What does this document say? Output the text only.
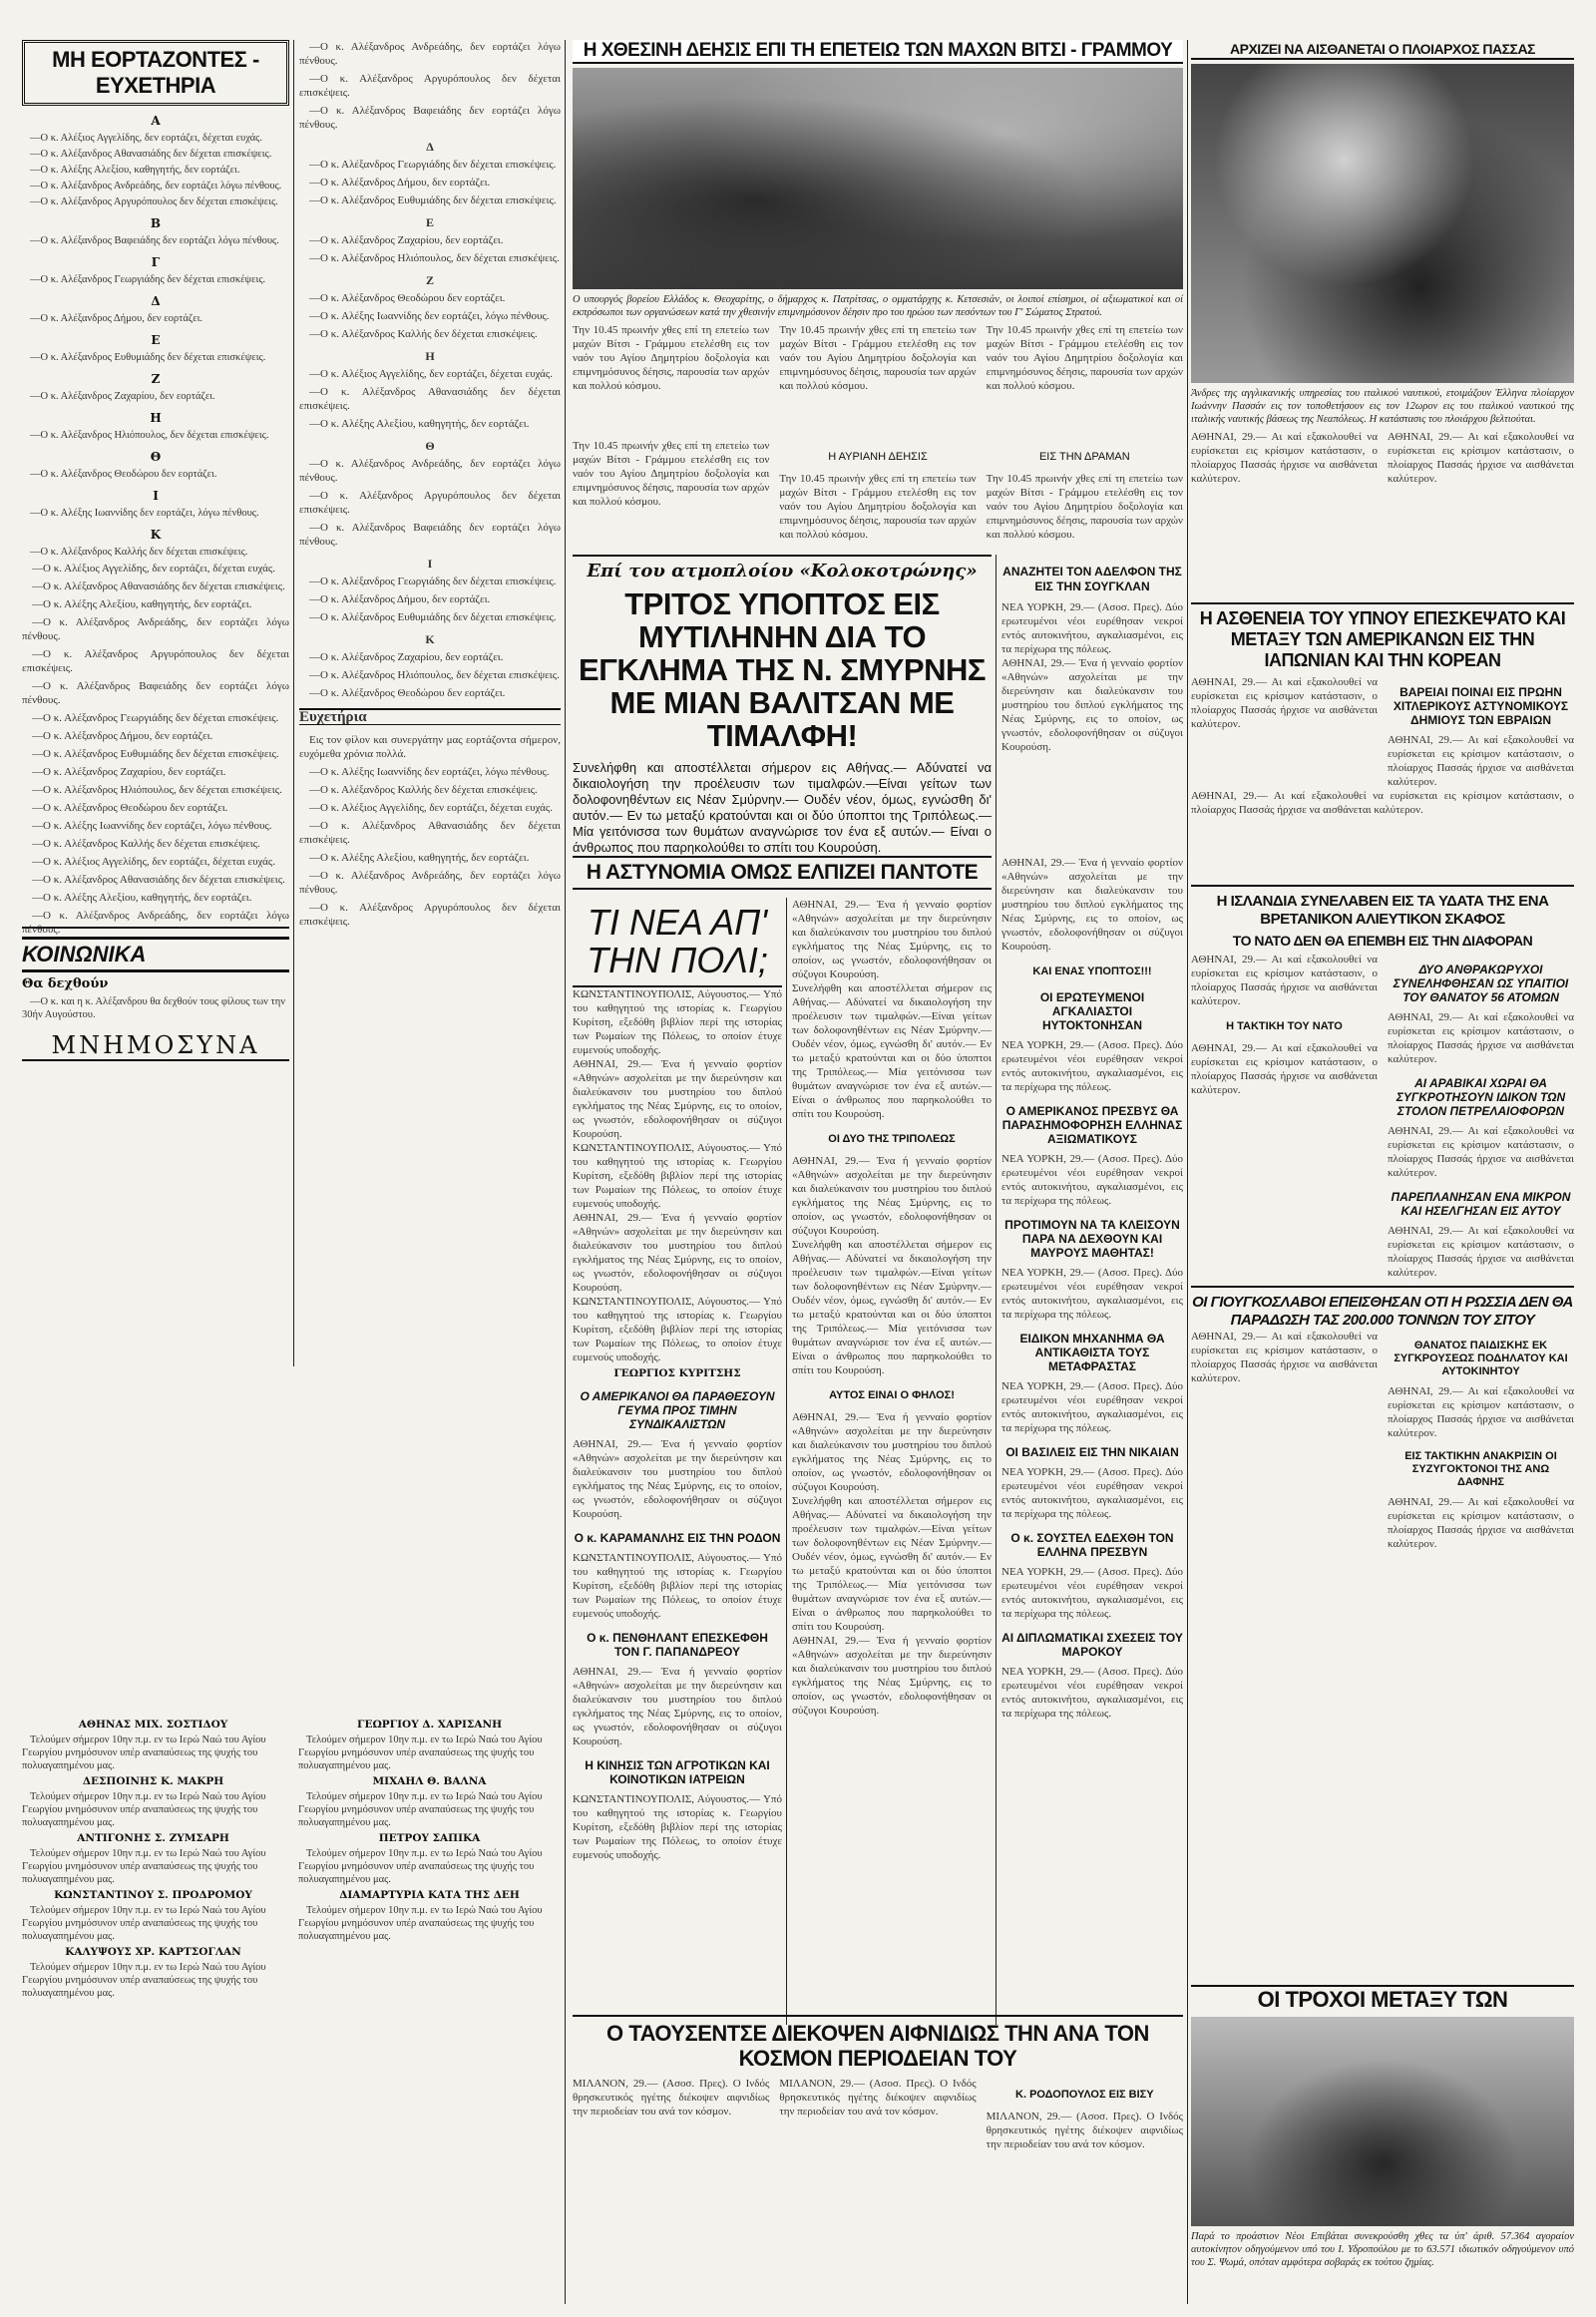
ΜΗ ΕΟΡΤΑΖΟΝΤΕΣ - ΕΥΧΕΤΗΡΙΑ
Α
—Ο κ. Αλέξιος Αγγελίδης, δεν εορτάζει, δέχεται ευχάς.
—Ο κ. Αλέξανδρος Αθανασιάδης δεν δέχεται επισκέψεις.
—Ο κ. Αλέξης Αλεξίου, καθηγητής, δεν εορτάζει.
—Ο κ. Αλέξανδρος Ανδρεάδης, δεν εορτάζει λόγω πένθους.
—Ο κ. Αλέξανδρος Αργυρόπουλος δεν δέχεται επισκέψεις.
Β
—Ο κ. Αλέξανδρος Βαφειάδης δεν εορτάζει λόγω πένθους.
Γ
—Ο κ. Αλέξανδρος Γεωργιάδης δεν δέχεται επισκέψεις.
Δ
—Ο κ. Αλέξανδρος Δήμου, δεν εορτάζει.
Ε
—Ο κ. Αλέξανδρος Ευθυμιάδης δεν δέχεται επισκέψεις.
Ζ
—Ο κ. Αλέξανδρος Ζαχαρίου, δεν εορτάζει.
Η
—Ο κ. Αλέξανδρος Ηλιόπουλος, δεν δέχεται επισκέψεις.
Θ
—Ο κ. Αλέξανδρος Θεοδώρου δεν εορτάζει.
Ι
—Ο κ. Αλέξης Ιωαννίδης δεν εορτάζει, λόγω πένθους.
Κ
—Ο κ. Αλέξανδρος Καλλής δεν δέχεται επισκέψεις.

—Ο κ. Αλέξιος Αγγελίδης, δεν εορτάζει, δέχεται ευχάς.

—Ο κ. Αλέξανδρος Αθανασιάδης δεν δέχεται επισκέψεις.

—Ο κ. Αλέξης Αλεξίου, καθηγητής, δεν εορτάζει.

—Ο κ. Αλέξανδρος Ανδρεάδης, δεν εορτάζει λόγω πένθους.

—Ο κ. Αλέξανδρος Αργυρόπουλος δεν δέχεται επισκέψεις.

—Ο κ. Αλέξανδρος Βαφειάδης δεν εορτάζει λόγω πένθους.

—Ο κ. Αλέξανδρος Γεωργιάδης δεν δέχεται επισκέψεις.

—Ο κ. Αλέξανδρος Δήμου, δεν εορτάζει.

—Ο κ. Αλέξανδρος Ευθυμιάδης δεν δέχεται επισκέψεις.

—Ο κ. Αλέξανδρος Ζαχαρίου, δεν εορτάζει.

—Ο κ. Αλέξανδρος Ηλιόπουλος, δεν δέχεται επισκέψεις.

—Ο κ. Αλέξανδρος Θεοδώρου δεν εορτάζει.

—Ο κ. Αλέξης Ιωαννίδης δεν εορτάζει, λόγω πένθους.

—Ο κ. Αλέξανδρος Καλλής δεν δέχεται επισκέψεις.

—Ο κ. Αλέξιος Αγγελίδης, δεν εορτάζει, δέχεται ευχάς.

—Ο κ. Αλέξανδρος Αθανασιάδης δεν δέχεται επισκέψεις.

—Ο κ. Αλέξης Αλεξίου, καθηγητής, δεν εορτάζει.

—Ο κ. Αλέξανδρος Ανδρεάδης, δεν εορτάζει λόγω πένθους.

ΚΟΙΝΩΝΙΚΑ
Θα δεχθούν
—Ο κ. και η κ. Αλέξανδρου θα δεχθούν τους φίλους των την 30ήν Αυγούστου.
ΜΝΗΜΟΣΥΝΑ
ΑΘΗΝΑΣ ΜΙΧ. ΣΟΣΤΙΔΟΥ
Τελούμεν σήμερον 10ην π.μ. εν τω Ιερώ Ναώ του Αγίου Γεωργίου μνημόσυνον υπέρ αναπαύσεως της ψυχής του πολυαγαπημένου μας.
ΔΕΣΠΟΙΝΗΣ Κ. ΜΑΚΡΗ
Τελούμεν σήμερον 10ην π.μ. εν τω Ιερώ Ναώ του Αγίου Γεωργίου μνημόσυνον υπέρ αναπαύσεως της ψυχής του πολυαγαπημένου μας.
ΑΝΤΙΓΟΝΗΣ Σ. ΖΥΜΣΑΡΗ
Τελούμεν σήμερον 10ην π.μ. εν τω Ιερώ Ναώ του Αγίου Γεωργίου μνημόσυνον υπέρ αναπαύσεως της ψυχής του πολυαγαπημένου μας.
ΚΩΝΣΤΑΝΤΙΝΟΥ Σ. ΠΡΟΔΡΟΜΟΥ
Τελούμεν σήμερον 10ην π.μ. εν τω Ιερώ Ναώ του Αγίου Γεωργίου μνημόσυνον υπέρ αναπαύσεως της ψυχής του πολυαγαπημένου μας.
ΚΑΛΥΨΟΥΣ ΧΡ. ΚΑΡΤΣΟΓΛΑΝ
Τελούμεν σήμερον 10ην π.μ. εν τω Ιερώ Ναώ του Αγίου Γεωργίου μνημόσυνον υπέρ αναπαύσεως της ψυχής του πολυαγαπημένου μας.
ΓΕΩΡΓΙΟΥ Δ. ΧΑΡΙΣΑΝΗ
Τελούμεν σήμερον 10ην π.μ. εν τω Ιερώ Ναώ του Αγίου Γεωργίου μνημόσυνον υπέρ αναπαύσεως της ψυχής του πολυαγαπημένου μας.
ΜΙΧΑΗΛ Θ. ΒΑΛΝΑ
Τελούμεν σήμερον 10ην π.μ. εν τω Ιερώ Ναώ του Αγίου Γεωργίου μνημόσυνον υπέρ αναπαύσεως της ψυχής του πολυαγαπημένου μας.
ΠΕΤΡΟΥ ΣΑΠΙΚΑ
Τελούμεν σήμερον 10ην π.μ. εν τω Ιερώ Ναώ του Αγίου Γεωργίου μνημόσυνον υπέρ αναπαύσεως της ψυχής του πολυαγαπημένου μας.
ΔΙΑΜΑΡΤΥΡΙΑ ΚΑΤΑ ΤΗΣ ΔΕΗ
Τελούμεν σήμερον 10ην π.μ. εν τω Ιερώ Ναώ του Αγίου Γεωργίου μνημόσυνον υπέρ αναπαύσεως της ψυχής του πολυαγαπημένου μας.

—Ο κ. Αλέξανδρος Ανδρεάδης, δεν εορτάζει λόγω πένθους.

—Ο κ. Αλέξανδρος Αργυρόπουλος δεν δέχεται επισκέψεις.

—Ο κ. Αλέξανδρος Βαφειάδης δεν εορτάζει λόγω πένθους.

Δ

—Ο κ. Αλέξανδρος Γεωργιάδης δεν δέχεται επισκέψεις.

—Ο κ. Αλέξανδρος Δήμου, δεν εορτάζει.

—Ο κ. Αλέξανδρος Ευθυμιάδης δεν δέχεται επισκέψεις.

Ε

—Ο κ. Αλέξανδρος Ζαχαρίου, δεν εορτάζει.

—Ο κ. Αλέξανδρος Ηλιόπουλος, δεν δέχεται επισκέψεις.

Ζ

—Ο κ. Αλέξανδρος Θεοδώρου δεν εορτάζει.

—Ο κ. Αλέξης Ιωαννίδης δεν εορτάζει, λόγω πένθους.

—Ο κ. Αλέξανδρος Καλλής δεν δέχεται επισκέψεις.

Η

—Ο κ. Αλέξιος Αγγελίδης, δεν εορτάζει, δέχεται ευχάς.

—Ο κ. Αλέξανδρος Αθανασιάδης δεν δέχεται επισκέψεις.

—Ο κ. Αλέξης Αλεξίου, καθηγητής, δεν εορτάζει.

Θ

—Ο κ. Αλέξανδρος Ανδρεάδης, δεν εορτάζει λόγω πένθους.

—Ο κ. Αλέξανδρος Αργυρόπουλος δεν δέχεται επισκέψεις.

—Ο κ. Αλέξανδρος Βαφειάδης δεν εορτάζει λόγω πένθους.

Ι

—Ο κ. Αλέξανδρος Γεωργιάδης δεν δέχεται επισκέψεις.

—Ο κ. Αλέξανδρος Δήμου, δεν εορτάζει.

—Ο κ. Αλέξανδρος Ευθυμιάδης δεν δέχεται επισκέψεις.

Κ

—Ο κ. Αλέξανδρος Ζαχαρίου, δεν εορτάζει.

—Ο κ. Αλέξανδρος Ηλιόπουλος, δεν δέχεται επισκέψεις.

—Ο κ. Αλέξανδρος Θεοδώρου δεν εορτάζει.

Ευχετήρια

Εις τον φίλον και συνεργάτην μας εορτάζοντα σήμερον, ευχόμεθα χρόνια πολλά.

—Ο κ. Αλέξης Ιωαννίδης δεν εορτάζει, λόγω πένθους.

—Ο κ. Αλέξανδρος Καλλής δεν δέχεται επισκέψεις.

—Ο κ. Αλέξιος Αγγελίδης, δεν εορτάζει, δέχεται ευχάς.

—Ο κ. Αλέξανδρος Αθανασιάδης δεν δέχεται επισκέψεις.

—Ο κ. Αλέξης Αλεξίου, καθηγητής, δεν εορτάζει.

—Ο κ. Αλέξανδρος Ανδρεάδης, δεν εορτάζει λόγω πένθους.

—Ο κ. Αλέξανδρος Αργυρόπουλος δεν δέχεται επισκέψεις.

Η ΧΘΕΣΙΝΗ ΔΕΗΣΙΣ ΕΠΙ ΤΗ ΕΠΕΤΕΙΩ ΤΩΝ ΜΑΧΩΝ ΒΙΤΣΙ - ΓΡΑΜΜΟΥ
Ο υπουργός βορείου Ελλάδος κ. Θεοχαρίτης, ο δήμαρχος κ. Πατρίτσας, ο ομματάρχης κ. Κετσεσιάν, οι λοιποί επίσημοι, οί αξιωματικοί και οί εκπρόσωποι των οργανώσεων κατά την χθεσινήν επιμνημόσυνον δέησιν προ του ηρώου των πεσόντων του Γ' Σώματος Στρατού.
Την 10.45 πρωινήν χθες επί τη επετείω των μαχών Βίτσι - Γράμμου ετελέσθη εις τον ναόν του Αγίου Δημητρίου δοξολογία και επιμνημόσυνος δέησις, παρουσία των αρχών και πολλού κόσμου.
Την 10.45 πρωινήν χθες επί τη επετείω των μαχών Βίτσι - Γράμμου ετελέσθη εις τον ναόν του Αγίου Δημητρίου δοξολογία και επιμνημόσυνος δέησις, παρουσία των αρχών και πολλού κόσμου.
Την 10.45 πρωινήν χθες επί τη επετείω των μαχών Βίτσι - Γράμμου ετελέσθη εις τον ναόν του Αγίου Δημητρίου δοξολογία και επιμνημόσυνος δέησις, παρουσία των αρχών και πολλού κόσμου.
ΑΡΧΙΖΕΙ ΝΑ ΑΙΣΘΑΝΕΤΑΙ Ο ΠΛΟΙΑΡΧΟΣ ΠΑΣΣΑΣ
Άνδρες της αγγλικανικής υπηρεσίας του ιταλικού ναυτικού, ετοιμάζουν Έλληνα πλοίαρχον Ιωάννην Πασσάν εις τον τοποθετήσουν εις τον 12ωρον εις του ιταλικού ναυτικού της ιταλικής ναυτικής βάσεως της Νεαπόλεως. Η κατάστασις του πλοιάρχου βελτιούται.
ΑΘΗΝΑΙ, 29.— Αι καί εξακολουθεί να ευρίσκεται εις κρίσιμον κατάστασιν, ο πλοίαρχος Πασσάς ήρχισε να αισθάνεται καλύτερον.
ΑΘΗΝΑΙ, 29.— Αι καί εξακολουθεί να ευρίσκεται εις κρίσιμον κατάστασιν, ο πλοίαρχος Πασσάς ήρχισε να αισθάνεται καλύτερον.
Την 10.45 πρωινήν χθες επί τη επετείω των μαχών Βίτσι - Γράμμου ετελέσθη εις τον ναόν του Αγίου Δημητρίου δοξολογία και επιμνημόσυνος δέησις, παρουσία των αρχών και πολλού κόσμου.
Η ΑΥΡΙΑΝΗ ΔΕΗΣΙΣ
Την 10.45 πρωινήν χθες επί τη επετείω των μαχών Βίτσι - Γράμμου ετελέσθη εις τον ναόν του Αγίου Δημητρίου δοξολογία και επιμνημόσυνος δέησις, παρουσία των αρχών και πολλού κόσμου.
ΕΙΣ ΤΗΝ ΔΡΑΜΑΝ
Την 10.45 πρωινήν χθες επί τη επετείω των μαχών Βίτσι - Γράμμου ετελέσθη εις τον ναόν του Αγίου Δημητρίου δοξολογία και επιμνημόσυνος δέησις, παρουσία των αρχών και πολλού κόσμου.
Επί του ατμοπλοίου «Κολοκοτρώνης»
ΤΡΙΤΟΣ ΥΠΟΠΤΟΣ ΕΙΣ ΜΥΤΙΛΗΝΗΝ ΔΙΑ ΤΟ ΕΓΚΛΗΜΑ ΤΗΣ Ν. ΣΜΥΡΝΗΣ ΜΕ ΜΙΑΝ ΒΑΛΙΤΣΑΝ ΜΕ ΤΙΜΑΛΦΗ!
Συνελήφθη και αποστέλλεται σήμερον εις Αθήνας.— Αδύνατεί να δικαιολογήση την προέλευσιν των τιμαλφών.—Είναι γείτων των δολοφονηθέντων εις Νέαν Σμύρνην.— Ουδέν νέον, όμως, εγνώσθη δι' αυτόν.— Εν τω μεταξύ κρατούνται και οι δύο ύποπτοι της Τριπόλεως.— Μία γειτόνισσα των θυμάτων αναγνώρισε τον ένα εξ αυτών.— Είναι ο άνθρωπος που παρηκολούθει το σπίτι του Κουρούση.
ΑΝΑΖΗΤΕΙ ΤΟΝ ΑΔΕΛΦΟΝ ΤΗΣ ΕΙΣ ΤΗΝ ΣΟΥΓΚΛΑΝ
ΝΕΑ ΥΟΡΚΗ, 29.— (Ασοσ. Πρες). Δύο ερωτευμένοι νέοι ευρέθησαν νεκροί εντός αυτοκινήτου, αγκαλιασμένοι, εις τα περίχωρα της πόλεως.
ΑΘΗΝΑΙ, 29.— Ένα ή γενναίο φορτίον «Αθηνών» ασχολείται με την διερεύνησιν και διαλεύκανσιν του μυστηρίου του διπλού εγκλήματος της Νέας Σμύρνης, εις το οποίον, ως γνωστόν, εδολοφονήθησαν οι σύζυγοι Κουρούση.
Η ΑΣΤΥΝΟΜΙΑ ΟΜΩΣ ΕΛΠΙΖΕΙ ΠΑΝΤΟΤΕ
ΤΙ ΝΕΑ ΑΠ' ΤΗΝ ΠΟΛΙ;
ΚΩΝΣΤΑΝΤΙΝΟΥΠΟΛΙΣ, Αύγουστος.— Υπό του καθηγητού της ιστορίας κ. Γεωργίου Κυρίτση, εξεδόθη βιβλίον περί της ιστορίας των Ρωμαίων της Πόλεως, το οποίον έτυχε ευμενούς υποδοχής.
ΑΘΗΝΑΙ, 29.— Ένα ή γενναίο φορτίον «Αθηνών» ασχολείται με την διερεύνησιν και διαλεύκανσιν του μυστηρίου του διπλού εγκλήματος της Νέας Σμύρνης, εις το οποίον, ως γνωστόν, εδολοφονήθησαν οι σύζυγοι Κουρούση.
ΚΩΝΣΤΑΝΤΙΝΟΥΠΟΛΙΣ, Αύγουστος.— Υπό του καθηγητού της ιστορίας κ. Γεωργίου Κυρίτση, εξεδόθη βιβλίον περί της ιστορίας των Ρωμαίων της Πόλεως, το οποίον έτυχε ευμενούς υποδοχής.
ΑΘΗΝΑΙ, 29.— Ένα ή γενναίο φορτίον «Αθηνών» ασχολείται με την διερεύνησιν και διαλεύκανσιν του μυστηρίου του διπλού εγκλήματος της Νέας Σμύρνης, εις το οποίον, ως γνωστόν, εδολοφονήθησαν οι σύζυγοι Κουρούση.
ΚΩΝΣΤΑΝΤΙΝΟΥΠΟΛΙΣ, Αύγουστος.— Υπό του καθηγητού της ιστορίας κ. Γεωργίου Κυρίτση, εξεδόθη βιβλίον περί της ιστορίας των Ρωμαίων της Πόλεως, το οποίον έτυχε ευμενούς υποδοχής.
ΓΕΩΡΓΙΟΣ ΚΥΡΙΤΣΗΣ
Ο ΑΜΕΡΙΚΑΝΟΙ ΘΑ ΠΑΡΑΘΕΣΟΥΝ ΓΕΥΜΑ ΠΡΟΣ ΤΙΜΗΝ ΣΥΝΔΙΚΑΛΙΣΤΩΝ
ΑΘΗΝΑΙ, 29.— Ένα ή γενναίο φορτίον «Αθηνών» ασχολείται με την διερεύνησιν και διαλεύκανσιν του μυστηρίου του διπλού εγκλήματος της Νέας Σμύρνης, εις το οποίον, ως γνωστόν, εδολοφονήθησαν οι σύζυγοι Κουρούση.
Ο κ. ΚΑΡΑΜΑΝΛΗΣ ΕΙΣ ΤΗΝ ΡΟΔΟΝ
ΚΩΝΣΤΑΝΤΙΝΟΥΠΟΛΙΣ, Αύγουστος.— Υπό του καθηγητού της ιστορίας κ. Γεωργίου Κυρίτση, εξεδόθη βιβλίον περί της ιστορίας των Ρωμαίων της Πόλεως, το οποίον έτυχε ευμενούς υποδοχής.
Ο κ. ΠΕΝΘΗΛΑΝΤ ΕΠΕΣΚΕΦΘΗ ΤΟΝ Γ. ΠΑΠΑΝΔΡΕΟΥ
ΑΘΗΝΑΙ, 29.— Ένα ή γενναίο φορτίον «Αθηνών» ασχολείται με την διερεύνησιν και διαλεύκανσιν του μυστηρίου του διπλού εγκλήματος της Νέας Σμύρνης, εις το οποίον, ως γνωστόν, εδολοφονήθησαν οι σύζυγοι Κουρούση.
Η ΚΙΝΗΣΙΣ ΤΩΝ ΑΓΡΟΤΙΚΩΝ ΚΑΙ ΚΟΙΝΟΤΙΚΩΝ ΙΑΤΡΕΙΩΝ
ΚΩΝΣΤΑΝΤΙΝΟΥΠΟΛΙΣ, Αύγουστος.— Υπό του καθηγητού της ιστορίας κ. Γεωργίου Κυρίτση, εξεδόθη βιβλίον περί της ιστορίας των Ρωμαίων της Πόλεως, το οποίον έτυχε ευμενούς υποδοχής.
ΑΘΗΝΑΙ, 29.— Ένα ή γενναίο φορτίον «Αθηνών» ασχολείται με την διερεύνησιν και διαλεύκανσιν του μυστηρίου του διπλού εγκλήματος της Νέας Σμύρνης, εις το οποίον, ως γνωστόν, εδολοφονήθησαν οι σύζυγοι Κουρούση.
Συνελήφθη και αποστέλλεται σήμερον εις Αθήνας.— Αδύνατεί να δικαιολογήση την προέλευσιν των τιμαλφών.—Είναι γείτων των δολοφονηθέντων εις Νέαν Σμύρνην.— Ουδέν νέον, όμως, εγνώσθη δι' αυτόν.— Εν τω μεταξύ κρατούνται και οι δύο ύποπτοι της Τριπόλεως.— Μία γειτόνισσα των θυμάτων αναγνώρισε τον ένα εξ αυτών.— Είναι ο άνθρωπος που παρηκολούθει το σπίτι του Κουρούση.
ΟΙ ΔΥΟ ΤΗΣ ΤΡΙΠΟΛΕΩΣ
ΑΘΗΝΑΙ, 29.— Ένα ή γενναίο φορτίον «Αθηνών» ασχολείται με την διερεύνησιν και διαλεύκανσιν του μυστηρίου του διπλού εγκλήματος της Νέας Σμύρνης, εις το οποίον, ως γνωστόν, εδολοφονήθησαν οι σύζυγοι Κουρούση.
Συνελήφθη και αποστέλλεται σήμερον εις Αθήνας.— Αδύνατεί να δικαιολογήση την προέλευσιν των τιμαλφών.—Είναι γείτων των δολοφονηθέντων εις Νέαν Σμύρνην.— Ουδέν νέον, όμως, εγνώσθη δι' αυτόν.— Εν τω μεταξύ κρατούνται και οι δύο ύποπτοι της Τριπόλεως.— Μία γειτόνισσα των θυμάτων αναγνώρισε τον ένα εξ αυτών.— Είναι ο άνθρωπος που παρηκολούθει το σπίτι του Κουρούση.
ΑΥΤΟΣ ΕΙΝΑΙ Ο ΦΗΛΟΣ!
ΑΘΗΝΑΙ, 29.— Ένα ή γενναίο φορτίον «Αθηνών» ασχολείται με την διερεύνησιν και διαλεύκανσιν του μυστηρίου του διπλού εγκλήματος της Νέας Σμύρνης, εις το οποίον, ως γνωστόν, εδολοφονήθησαν οι σύζυγοι Κουρούση.
Συνελήφθη και αποστέλλεται σήμερον εις Αθήνας.— Αδύνατεί να δικαιολογήση την προέλευσιν των τιμαλφών.—Είναι γείτων των δολοφονηθέντων εις Νέαν Σμύρνην.— Ουδέν νέον, όμως, εγνώσθη δι' αυτόν.— Εν τω μεταξύ κρατούνται και οι δύο ύποπτοι της Τριπόλεως.— Μία γειτόνισσα των θυμάτων αναγνώρισε τον ένα εξ αυτών.— Είναι ο άνθρωπος που παρηκολούθει το σπίτι του Κουρούση.
ΑΘΗΝΑΙ, 29.— Ένα ή γενναίο φορτίον «Αθηνών» ασχολείται με την διερεύνησιν και διαλεύκανσιν του μυστηρίου του διπλού εγκλήματος της Νέας Σμύρνης, εις το οποίον, ως γνωστόν, εδολοφονήθησαν οι σύζυγοι Κουρούση.
ΑΘΗΝΑΙ, 29.— Ένα ή γενναίο φορτίον «Αθηνών» ασχολείται με την διερεύνησιν και διαλεύκανσιν του μυστηρίου του διπλού εγκλήματος της Νέας Σμύρνης, εις το οποίον, ως γνωστόν, εδολοφονήθησαν οι σύζυγοι Κουρούση.
ΚΑΙ ΕΝΑΣ ΥΠΟΠΤΟΣ!!!
ΟΙ ΕΡΩΤΕΥΜΕΝΟΙ ΑΓΚΑΛΙΑΣΤΟΙ ΗΥΤΟΚΤΟΝΗΣΑΝ
ΝΕΑ ΥΟΡΚΗ, 29.— (Ασοσ. Πρες). Δύο ερωτευμένοι νέοι ευρέθησαν νεκροί εντός αυτοκινήτου, αγκαλιασμένοι, εις τα περίχωρα της πόλεως.
Ο ΑΜΕΡΙΚΑΝΟΣ ΠΡΕΣΒΥΣ ΘΑ ΠΑΡΑΣΗΜΟΦΟΡΗΣΗ ΕΛΛΗΝΑΣ ΑΞΙΩΜΑΤΙΚΟΥΣ
ΝΕΑ ΥΟΡΚΗ, 29.— (Ασοσ. Πρες). Δύο ερωτευμένοι νέοι ευρέθησαν νεκροί εντός αυτοκινήτου, αγκαλιασμένοι, εις τα περίχωρα της πόλεως.
ΠΡΟΤΙΜΟΥΝ ΝΑ ΤΑ ΚΛΕΙΣΟΥΝ ΠΑΡΑ ΝΑ ΔΕΧΘΟΥΝ ΚΑΙ ΜΑΥΡΟΥΣ ΜΑΘΗΤΑΣ!
ΝΕΑ ΥΟΡΚΗ, 29.— (Ασοσ. Πρες). Δύο ερωτευμένοι νέοι ευρέθησαν νεκροί εντός αυτοκινήτου, αγκαλιασμένοι, εις τα περίχωρα της πόλεως.
ΕΙΔΙΚΟΝ ΜΗΧΑΝΗΜΑ ΘΑ ΑΝΤΙΚΑΘΙΣΤΑ ΤΟΥΣ ΜΕΤΑΦΡΑΣΤΑΣ
ΝΕΑ ΥΟΡΚΗ, 29.— (Ασοσ. Πρες). Δύο ερωτευμένοι νέοι ευρέθησαν νεκροί εντός αυτοκινήτου, αγκαλιασμένοι, εις τα περίχωρα της πόλεως.
ΟΙ ΒΑΣΙΛΕΙΣ ΕΙΣ ΤΗΝ ΝΙΚΑΙΑΝ
ΝΕΑ ΥΟΡΚΗ, 29.— (Ασοσ. Πρες). Δύο ερωτευμένοι νέοι ευρέθησαν νεκροί εντός αυτοκινήτου, αγκαλιασμένοι, εις τα περίχωρα της πόλεως.
Ο κ. ΣΟΥΣΤΕΛ ΕΔΕΧΘΗ ΤΟΝ ΕΛΛΗΝΑ ΠΡΕΣΒΥΝ
ΝΕΑ ΥΟΡΚΗ, 29.— (Ασοσ. Πρες). Δύο ερωτευμένοι νέοι ευρέθησαν νεκροί εντός αυτοκινήτου, αγκαλιασμένοι, εις τα περίχωρα της πόλεως.
ΑΙ ΔΙΠΛΩΜΑΤΙΚΑΙ ΣΧΕΣΕΙΣ ΤΟΥ ΜΑΡΟΚΟΥ
ΝΕΑ ΥΟΡΚΗ, 29.— (Ασοσ. Πρες). Δύο ερωτευμένοι νέοι ευρέθησαν νεκροί εντός αυτοκινήτου, αγκαλιασμένοι, εις τα περίχωρα της πόλεως.
Ο ΤΑΟΥΣΕΝΤΣΕ ΔΙΕΚΟΨΕΝ ΑΙΦΝΙΔΙΩΣ ΤΗΝ ΑΝΑ ΤΟΝ ΚΟΣΜΟΝ ΠΕΡΙΟΔΕΙΑΝ ΤΟΥ
ΜΙΛΑΝΟΝ, 29.— (Ασοσ. Πρες). Ο Ινδός θρησκευτικός ηγέτης διέκοψεν αιφνιδίως την περιοδείαν του ανά τον κόσμον.
ΜΙΛΑΝΟΝ, 29.— (Ασοσ. Πρες). Ο Ινδός θρησκευτικός ηγέτης διέκοψεν αιφνιδίως την περιοδείαν του ανά τον κόσμον.
Κ. ΡΟΔΟΠΟΥΛΟΣ ΕΙΣ ΒΙΣΥ
ΜΙΛΑΝΟΝ, 29.— (Ασοσ. Πρες). Ο Ινδός θρησκευτικός ηγέτης διέκοψεν αιφνιδίως την περιοδείαν του ανά τον κόσμον.
Η ΑΣΘΕΝΕΙΑ ΤΟΥ ΥΠΝΟΥ ΕΠΕΣΚΕΨΑΤΟ ΚΑΙ ΜΕΤΑΞΥ ΤΩΝ ΑΜΕΡΙΚΑΝΩΝ ΕΙΣ ΤΗΝ ΙΑΠΩΝΙΑΝ ΚΑΙ ΤΗΝ ΚΟΡΕΑΝ
ΑΘΗΝΑΙ, 29.— Αι καί εξακολουθεί να ευρίσκεται εις κρίσιμον κατάστασιν, ο πλοίαρχος Πασσάς ήρχισε να αισθάνεται καλύτερον.
ΒΑΡΕΙΑΙ ΠΟΙΝΑΙ ΕΙΣ ΠΡΩΗΝ ΧΙΤΛΕΡΙΚΟΥΣ ΑΣΤΥΝΟΜΙΚΟΥΣ ΔΗΜΙΟΥΣ ΤΩΝ ΕΒΡΑΙΩΝ
ΑΘΗΝΑΙ, 29.— Αι καί εξακολουθεί να ευρίσκεται εις κρίσιμον κατάστασιν, ο πλοίαρχος Πασσάς ήρχισε να αισθάνεται καλύτερον.
ΑΘΗΝΑΙ, 29.— Αι καί εξακολουθεί να ευρίσκεται εις κρίσιμον κατάστασιν, ο πλοίαρχος Πασσάς ήρχισε να αισθάνεται καλύτερον.
Η ΙΣΛΑΝΔΙΑ ΣΥΝΕΛΑΒΕΝ ΕΙΣ ΤΑ ΥΔΑΤΑ ΤΗΣ ΕΝΑ ΒΡΕΤΑΝΙΚΟΝ ΑΛΙΕΥΤΙΚΟΝ ΣΚΑΦΟΣ
ΤΟ ΝΑΤΟ ΔΕΝ ΘΑ ΕΠΕΜΒΗ ΕΙΣ ΤΗΝ ΔΙΑΦΟΡΑΝ
ΑΘΗΝΑΙ, 29.— Αι καί εξακολουθεί να ευρίσκεται εις κρίσιμον κατάστασιν, ο πλοίαρχος Πασσάς ήρχισε να αισθάνεται καλύτερον.
Η ΤΑΚΤΙΚΗ ΤΟΥ ΝΑΤΟ
ΑΘΗΝΑΙ, 29.— Αι καί εξακολουθεί να ευρίσκεται εις κρίσιμον κατάστασιν, ο πλοίαρχος Πασσάς ήρχισε να αισθάνεται καλύτερον.
ΔΥΟ ΑΝΘΡΑΚΩΡΥΧΟΙ ΣΥΝΕΛΗΦΘΗΣΑΝ ΩΣ ΥΠΑΙΤΙΟΙ ΤΟΥ ΘΑΝΑΤΟΥ 56 ΑΤΟΜΩΝ
ΑΘΗΝΑΙ, 29.— Αι καί εξακολουθεί να ευρίσκεται εις κρίσιμον κατάστασιν, ο πλοίαρχος Πασσάς ήρχισε να αισθάνεται καλύτερον.
ΑΙ ΑΡΑΒΙΚΑΙ ΧΩΡΑΙ ΘΑ ΣΥΓΚΡΟΤΗΣΟΥΝ ΙΔΙΚΟΝ ΤΩΝ ΣΤΟΛΟΝ ΠΕΤΡΕΛΑΙΟΦΟΡΩΝ
ΑΘΗΝΑΙ, 29.— Αι καί εξακολουθεί να ευρίσκεται εις κρίσιμον κατάστασιν, ο πλοίαρχος Πασσάς ήρχισε να αισθάνεται καλύτερον.
ΠΑΡΕΠΛΑΝΗΣΑΝ ΕΝΑ ΜΙΚΡΟΝ ΚΑΙ ΗΣΕΛΓΗΣΑΝ ΕΙΣ ΑΥΤΟΥ
ΑΘΗΝΑΙ, 29.— Αι καί εξακολουθεί να ευρίσκεται εις κρίσιμον κατάστασιν, ο πλοίαρχος Πασσάς ήρχισε να αισθάνεται καλύτερον.
ΟΙ ΓΙΟΥΓΚΟΣΛΑΒΟΙ ΕΠΕΙΣΘΗΣΑΝ ΟΤΙ Η ΡΩΣΣΙΑ ΔΕΝ ΘΑ ΠΑΡΑΔΩΣΗ ΤΑΣ 200.000 ΤΟΝΝΩΝ ΤΟΥ ΣΙΤΟΥ
ΑΘΗΝΑΙ, 29.— Αι καί εξακολουθεί να ευρίσκεται εις κρίσιμον κατάστασιν, ο πλοίαρχος Πασσάς ήρχισε να αισθάνεται καλύτερον.
ΘΑΝΑΤΟΣ ΠΑΙΔΙΣΚΗΣ ΕΚ ΣΥΓΚΡΟΥΣΕΩΣ ΠΟΔΗΛΑΤΟΥ ΚΑΙ ΑΥΤΟΚΙΝΗΤΟΥ
ΑΘΗΝΑΙ, 29.— Αι καί εξακολουθεί να ευρίσκεται εις κρίσιμον κατάστασιν, ο πλοίαρχος Πασσάς ήρχισε να αισθάνεται καλύτερον.
ΕΙΣ ΤΑΚΤΙΚΗΝ ΑΝΑΚΡΙΣΙΝ ΟΙ ΣΥΖΥΓΟΚΤΟΝΟΙ ΤΗΣ ΑΝΩ ΔΑΦΝΗΣ
ΑΘΗΝΑΙ, 29.— Αι καί εξακολουθεί να ευρίσκεται εις κρίσιμον κατάστασιν, ο πλοίαρχος Πασσάς ήρχισε να αισθάνεται καλύτερον.
ΟΙ ΤΡΟΧΟΙ ΜΕΤΑΞΥ ΤΩΝ
Παρά το προάστιον Νέοι Επιβάται συνεκρούσθη χθες τα ύπ' άριθ. 57.364 αγοραίον αυτοκίνητον οδηγούμενον υπό του Ι. Υδροπούλου με το 63.571 ιδιωτικόν οδηγούμενον υπό του Σ. Ψωμά, οπόταν αμφότερα σοβαράς εκ τούτου ζημίας.
